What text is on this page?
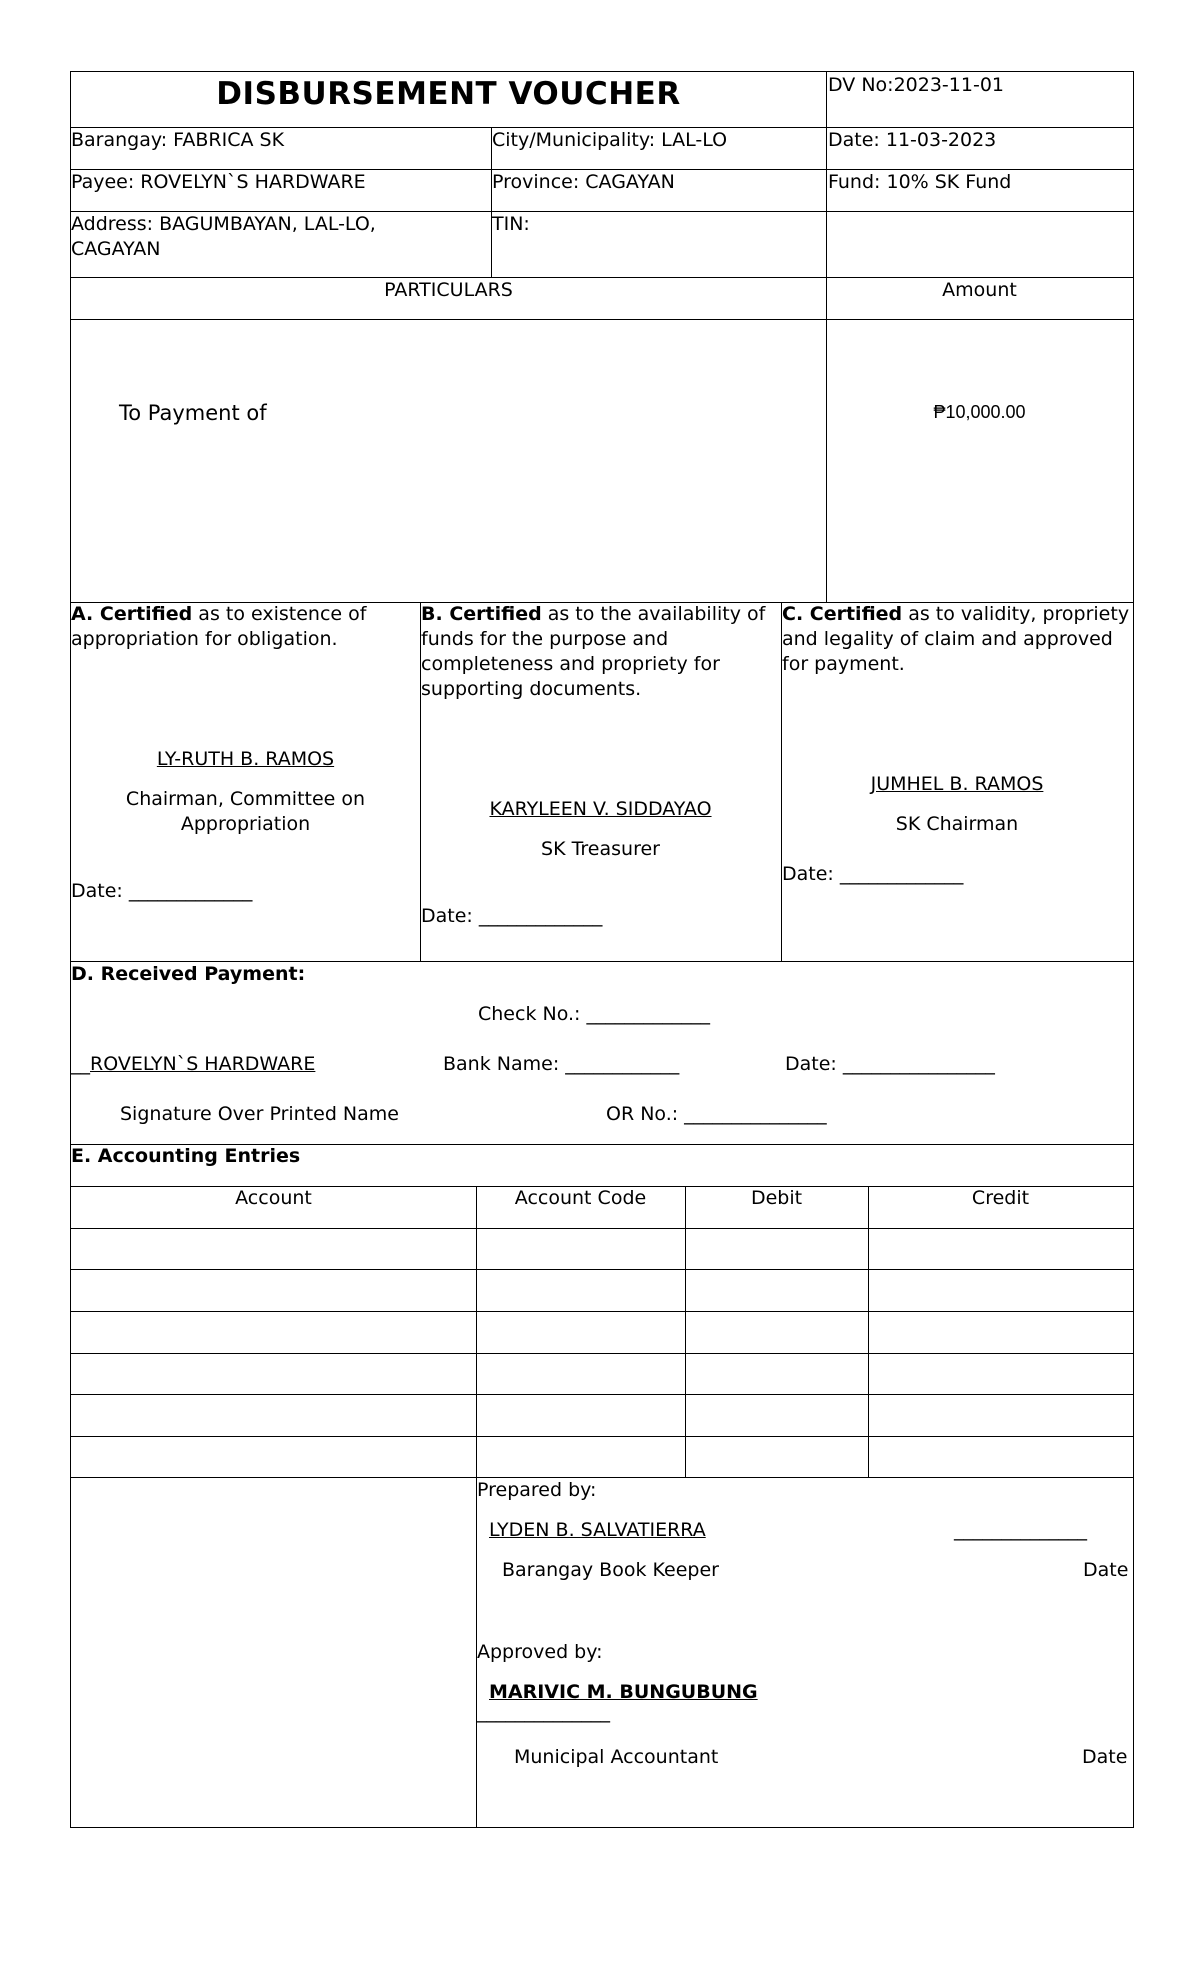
DISBURSEMENT VOUCHER	DV No:2023-11-01
Barangay: FABRICA SK	City/Municipality: LAL-LO	Date: 11-03-2023
Payee: ROVELYN`S HARDWARE	Province: CAGAYAN	Fund: 10% SK Fund
Address: BAGUMBAYAN, LAL-LO, CAGAYAN
TIN:
PARTICULARS	Amount
To Payment of	₱10,000.00
A. Certified as to existence of appropriation for obligation.
LY-RUTH B. RAMOS
Chairman, Committee on Appropriation
Date: _____________
B. Certified as to the availability of funds for the purpose and completeness and propriety for supporting documents.
KARYLEEN V. SIDDAYAO
SK Treasurer
Date: _____________
C. Certified as to validity, propriety and legality of claim and approved for payment.
JUMHEL B. RAMOS
SK Chairman
Date: _____________
D. Received Payment:
Check No.: _____________
__ROVELYN`S HARDWARE	Bank Name: ____________	Date: ________________
Signature Over Printed Name	OR No.: _______________
E. Accounting Entries
Account	Account Code	Debit	Credit
Prepared by:
LYDEN B. SALVATIERRA	______________
Barangay Book Keeper	Date
Approved by:
MARIVIC M. BUNGUBUNG
______________
Municipal Accountant	Date
